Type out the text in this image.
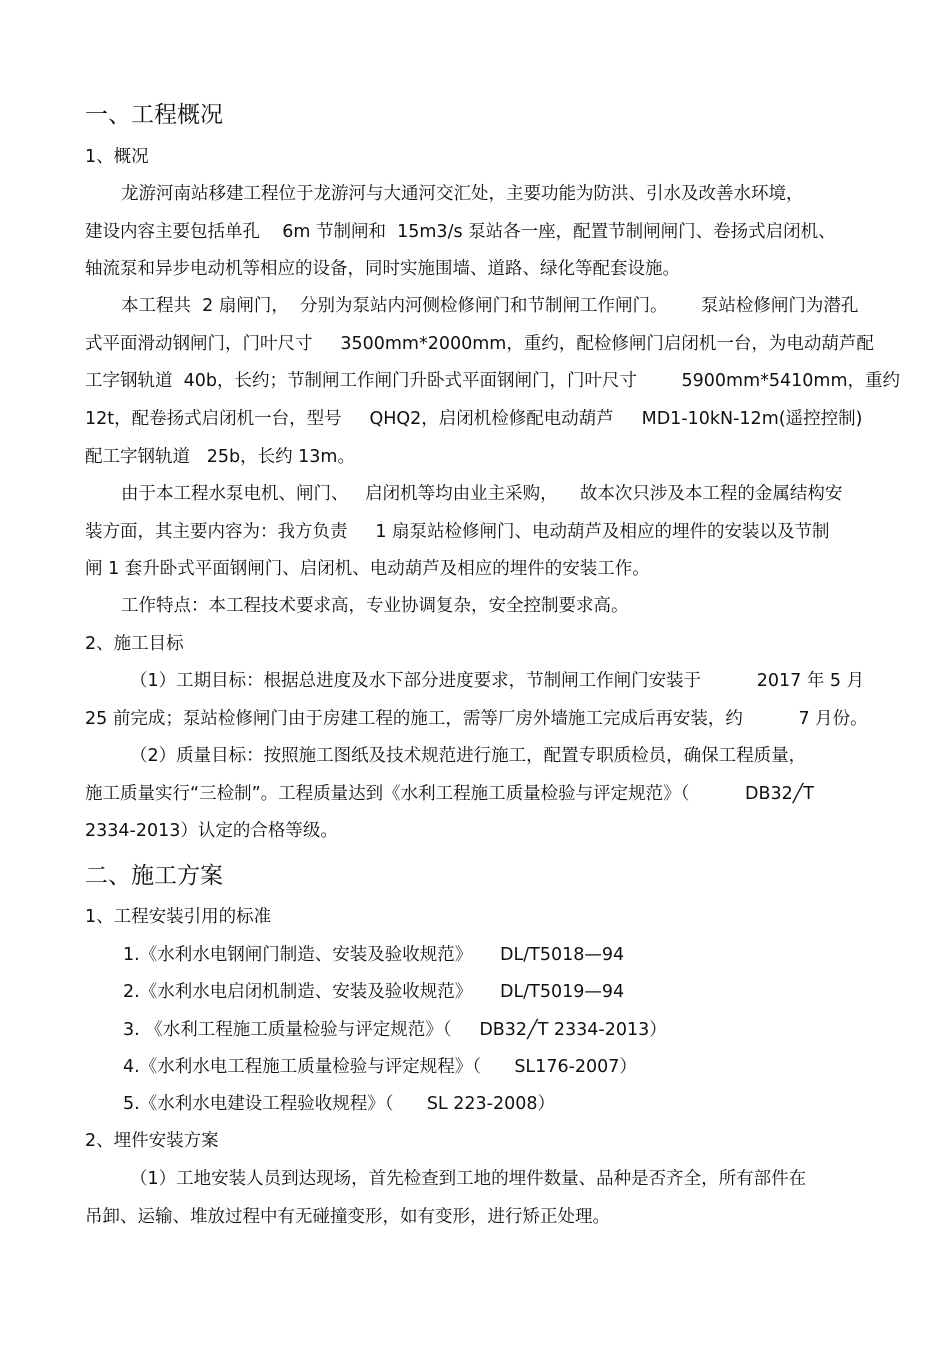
一、工程概况
1、概况
龙游河南站移建工程位于龙游河与大通河交汇处，主要功能为防洪、引水及改善水环境，
建设内容主要包括单孔    6m 节制闸和  15m3/s 泵站各一座，配置节制闸闸门、卷扬式启闭机、
轴流泵和异步电动机等相应的设备，同时实施围墙、道路、绿化等配套设施。
本工程共  2 扇闸门，  分别为泵站内河侧检修闸门和节制闸工作闸门。      泵站检修闸门为潜孔
式平面滑动钢闸门，门叶尺寸     3500mm*2000mm，重约，配检修闸门启闭机一台，为电动葫芦配
工字钢轨道  40b，长约；节制闸工作闸门升卧式平面钢闸门，门叶尺寸        5900mm*5410mm，重约
12t，配卷扬式启闭机一台，型号     QHQ2，启闭机检修配电动葫芦     MD1-10kN-12m(遥控控制)
配工字钢轨道   25b，长约 13m。
由于本工程水泵电机、闸门、   启闭机等均由业主采购，    故本次只涉及本工程的金属结构安
装方面，其主要内容为：我方负责     1 扇泵站检修闸门、电动葫芦及相应的埋件的安装以及节制
闸 1 套升卧式平面钢闸门、启闭机、电动葫芦及相应的埋件的安装工作。
工作特点：本工程技术要求高，专业协调复杂，安全控制要求高。
2、施工目标
（1）工期目标：根据总进度及水下部分进度要求，节制闸工作闸门安装于          2017 年 5 月
25 前完成；泵站检修闸门由于房建工程的施工，需等厂房外墙施工完成后再安装，约          7 月份。
（2）质量目标：按照施工图纸及技术规范进行施工，配置专职质检员，确保工程质量，
施工质量实行“三检制”。工程质量达到《水利工程施工质量检验与评定规范》（          DB32╱T
2334-2013）认定的合格等级。
二、施工方案
1、工程安装引用的标准
1.《水利水电钢闸门制造、安装及验收规范》     DL/T5018—94
2.《水利水电启闭机制造、安装及验收规范》     DL/T5019—94
3. 《水利工程施工质量检验与评定规范》（     DB32╱T 2334-2013）
4.《水利水电工程施工质量检验与评定规程》（      SL176-2007）
5.《水利水电建设工程验收规程》（      SL 223-2008）
2、埋件安装方案
（1）工地安装人员到达现场，首先检查到工地的埋件数量、品种是否齐全，所有部件在
吊卸、运输、堆放过程中有无碰撞变形，如有变形，进行矫正处理。
